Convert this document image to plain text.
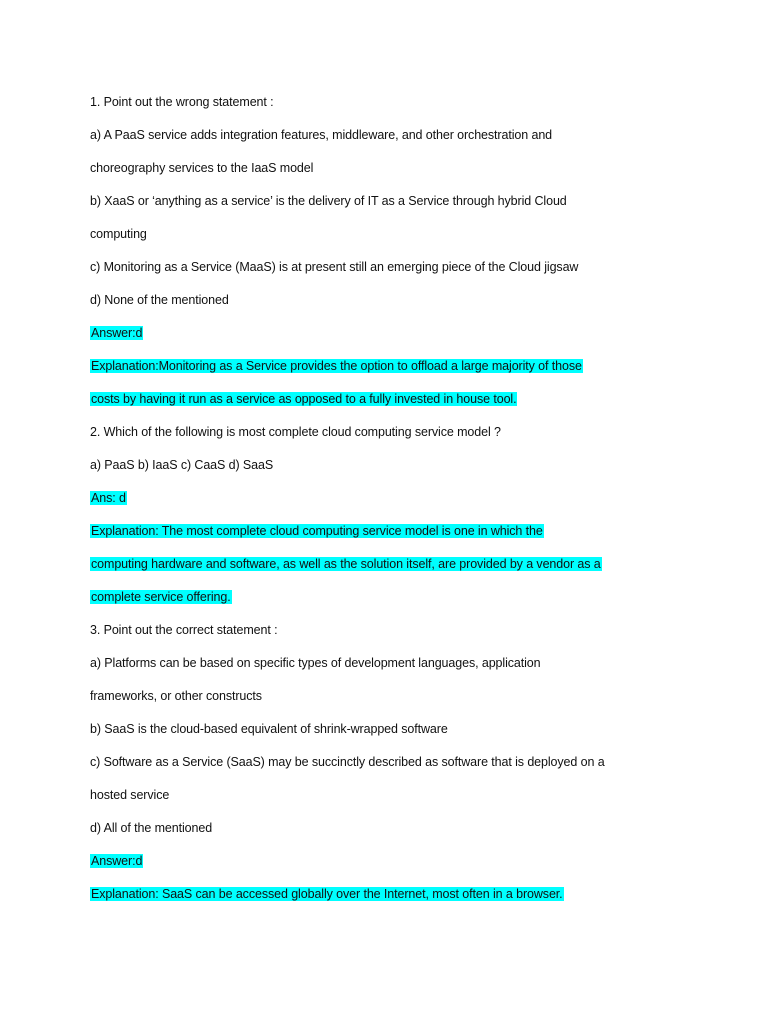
1. Point out the wrong statement :
a) A PaaS service adds integration features, middleware, and other orchestration and
choreography services to the IaaS model
b) XaaS or ‘anything as a service’ is the delivery of IT as a Service through hybrid Cloud
computing
c) Monitoring as a Service (MaaS) is at present still an emerging piece of the Cloud jigsaw
d) None of the mentioned
Answer:d
Explanation:Monitoring as a Service provides the option to offload a large majority of those
costs by having it run as a service as opposed to a fully invested in house tool.
2. Which of the following is most complete cloud computing service model ?
a) PaaS b) IaaS c) CaaS d) SaaS
Ans: d
Explanation: The most complete cloud computing service model is one in which the
computing hardware and software, as well as the solution itself, are provided by a vendor as a
complete service offering.
3. Point out the correct statement :
a) Platforms can be based on specific types of development languages, application
frameworks, or other constructs
b) SaaS is the cloud-based equivalent of shrink-wrapped software
c) Software as a Service (SaaS) may be succinctly described as software that is deployed on a
hosted service
d) All of the mentioned
Answer:d
Explanation: SaaS can be accessed globally over the Internet, most often in a browser.
